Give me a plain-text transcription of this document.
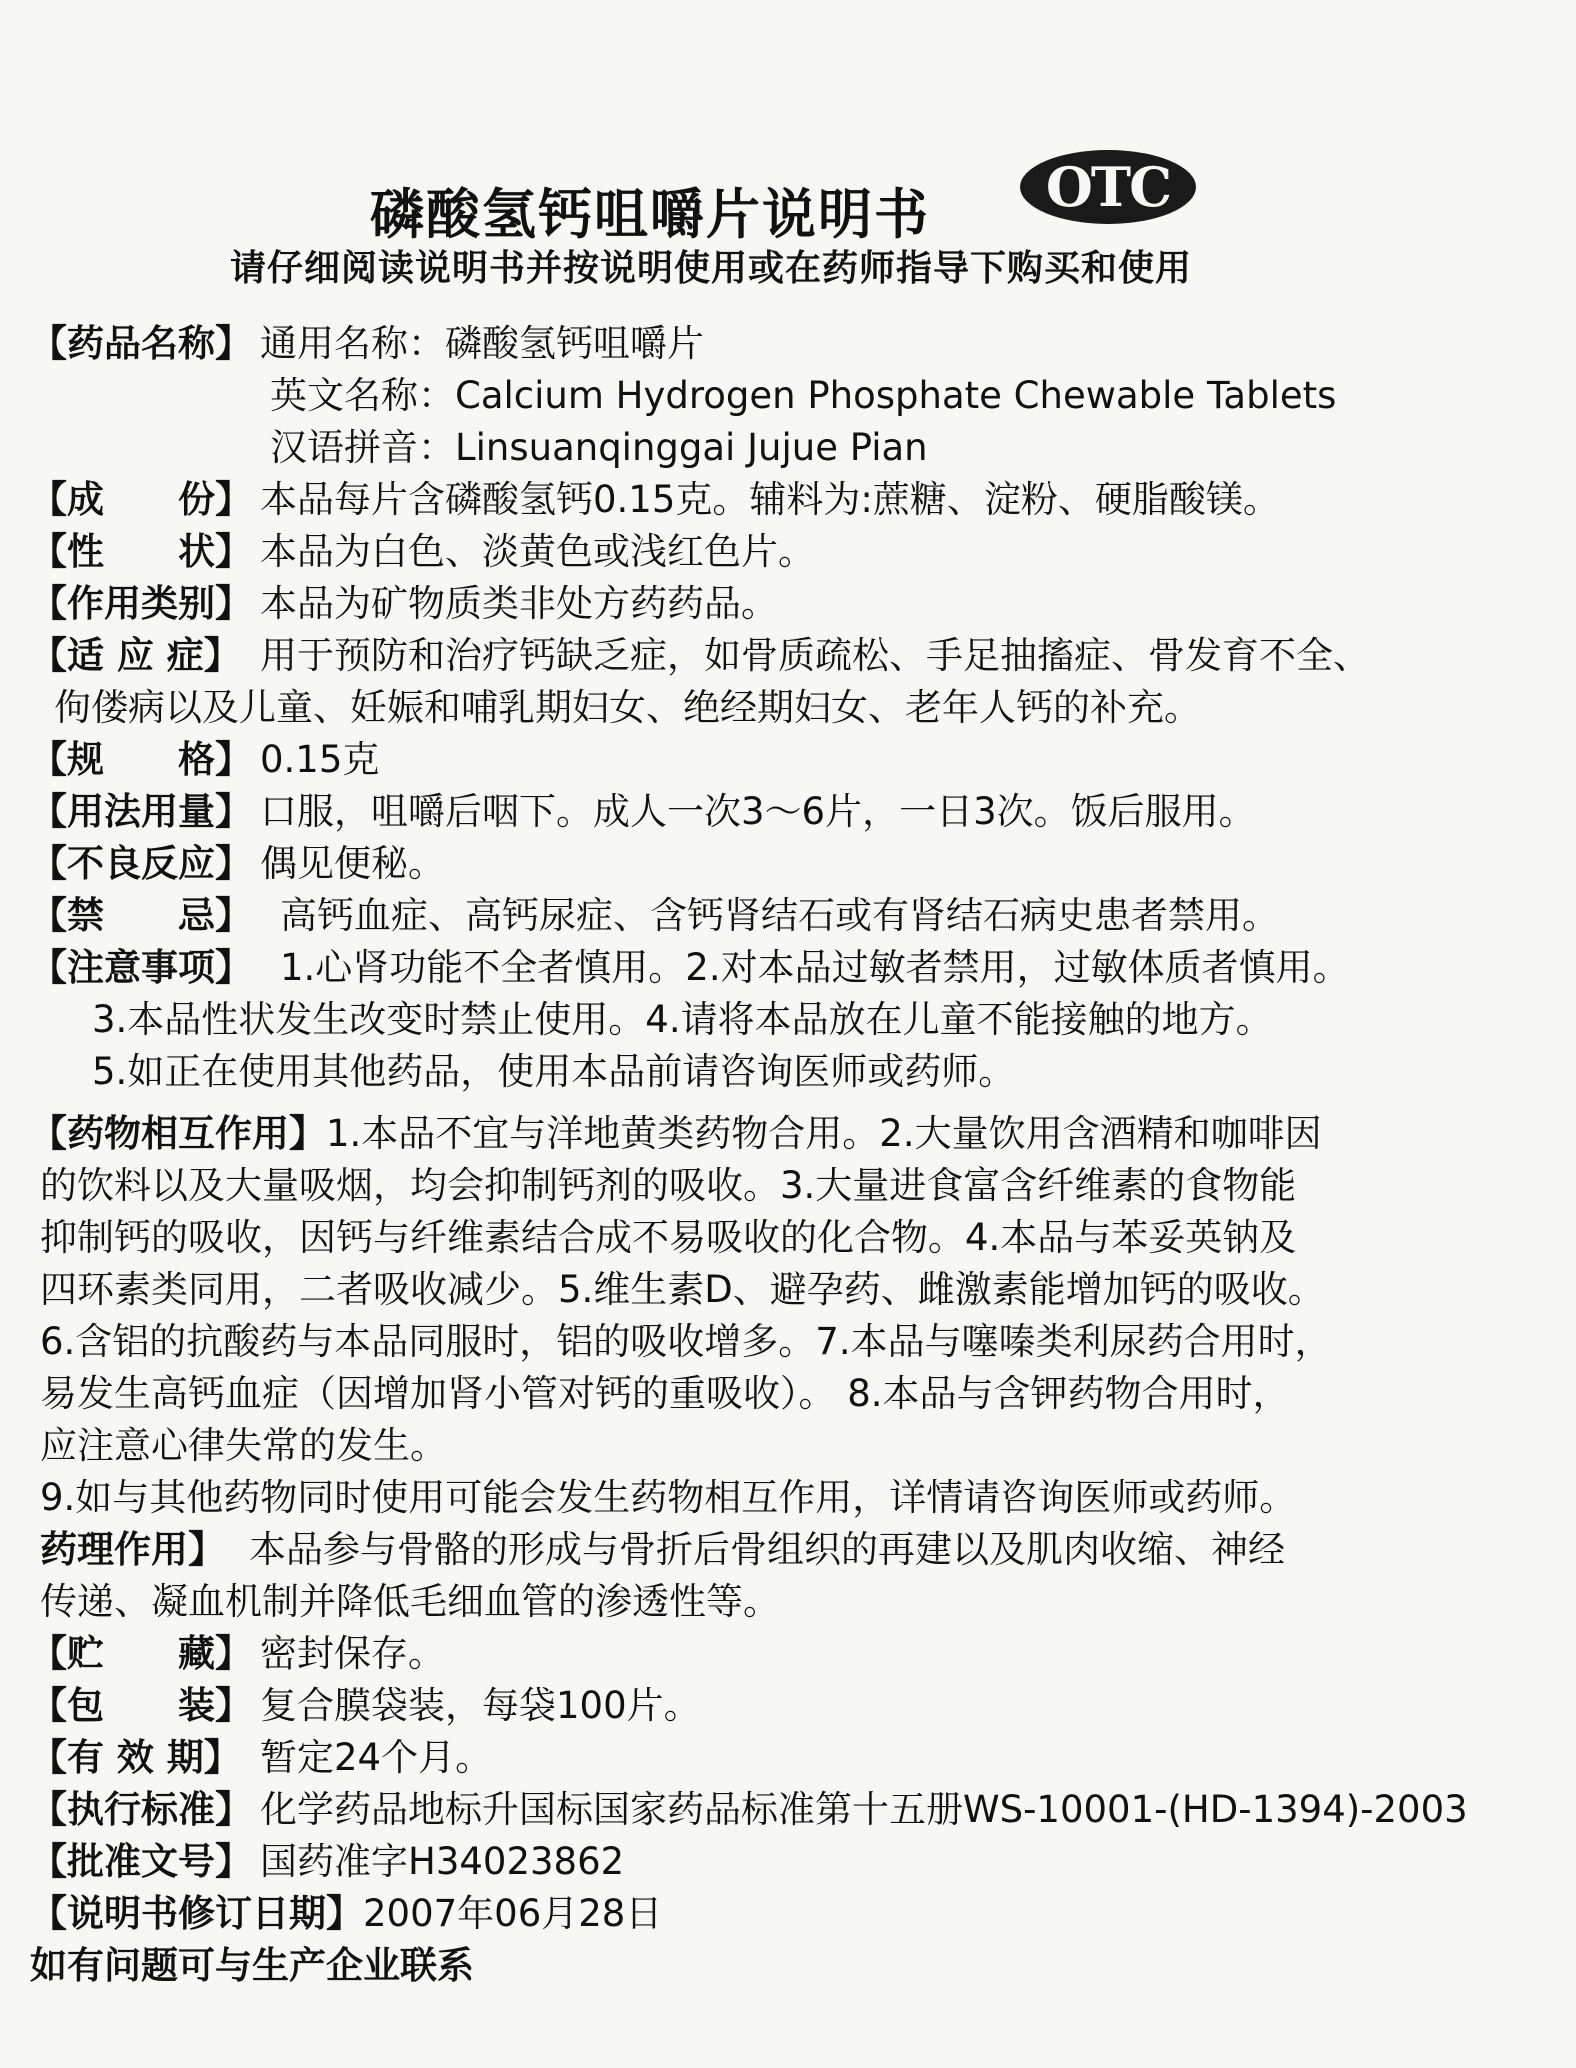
磷酸氢钙咀嚼片说明书	OTC
请仔细阅读说明书并按说明使用或在药师指导下购买和使用
【药品名称】 通用名称：磷酸氢钙咀嚼片
英文名称：Calcium Hydrogen Phosphate Chewable Tablets
汉语拼音：Linsuanqinggai Jujue Pian
【成　　份】 本品每片含磷酸氢钙0.15克。辅料为:蔗糖、淀粉、硬脂酸镁。
【性　　状】 本品为白色、淡黄色或浅红色片。
【作用类别】 本品为矿物质类非处方药药品。
【适 应 症】 用于预防和治疗钙缺乏症，如骨质疏松、手足抽搐症、骨发育不全、
佝偻病以及儿童、妊娠和哺乳期妇女、绝经期妇女、老年人钙的补充。
【规　　格】 0.15克
【用法用量】 口服，咀嚼后咽下。成人一次3～6片，一日3次。饭后服用。
【不良反应】 偶见便秘。
【禁　　忌】 高钙血症、高钙尿症、含钙肾结石或有肾结石病史患者禁用。
【注意事项】 1.心肾功能不全者慎用。2.对本品过敏者禁用，过敏体质者慎用。
3.本品性状发生改变时禁止使用。4.请将本品放在儿童不能接触的地方。
5.如正在使用其他药品，使用本品前请咨询医师或药师。
【药物相互作用】1.本品不宜与洋地黄类药物合用。2.大量饮用含酒精和咖啡因
的饮料以及大量吸烟，均会抑制钙剂的吸收。3.大量进食富含纤维素的食物能
抑制钙的吸收，因钙与纤维素结合成不易吸收的化合物。4.本品与苯妥英钠及
四环素类同用，二者吸收减少。5.维生素D、避孕药、雌激素能增加钙的吸收。
6.含铝的抗酸药与本品同服时，铝的吸收增多。7.本品与噻嗪类利尿药合用时，
易发生高钙血症（因增加肾小管对钙的重吸收）。 8.本品与含钾药物合用时，
应注意心律失常的发生。
9.如与其他药物同时使用可能会发生药物相互作用，详情请咨询医师或药师。
药理作用】 本品参与骨骼的形成与骨折后骨组织的再建以及肌肉收缩、神经
传递、凝血机制并降低毛细血管的渗透性等。
【贮　　藏】 密封保存。
【包　　装】 复合膜袋装，每袋100片。
【有 效 期】 暂定24个月。
【执行标准】 化学药品地标升国标国家药品标准第十五册WS-10001-(HD-1394)-2003
【批准文号】 国药准字H34023862
【说明书修订日期】2007年06月28日
如有问题可与生产企业联系
